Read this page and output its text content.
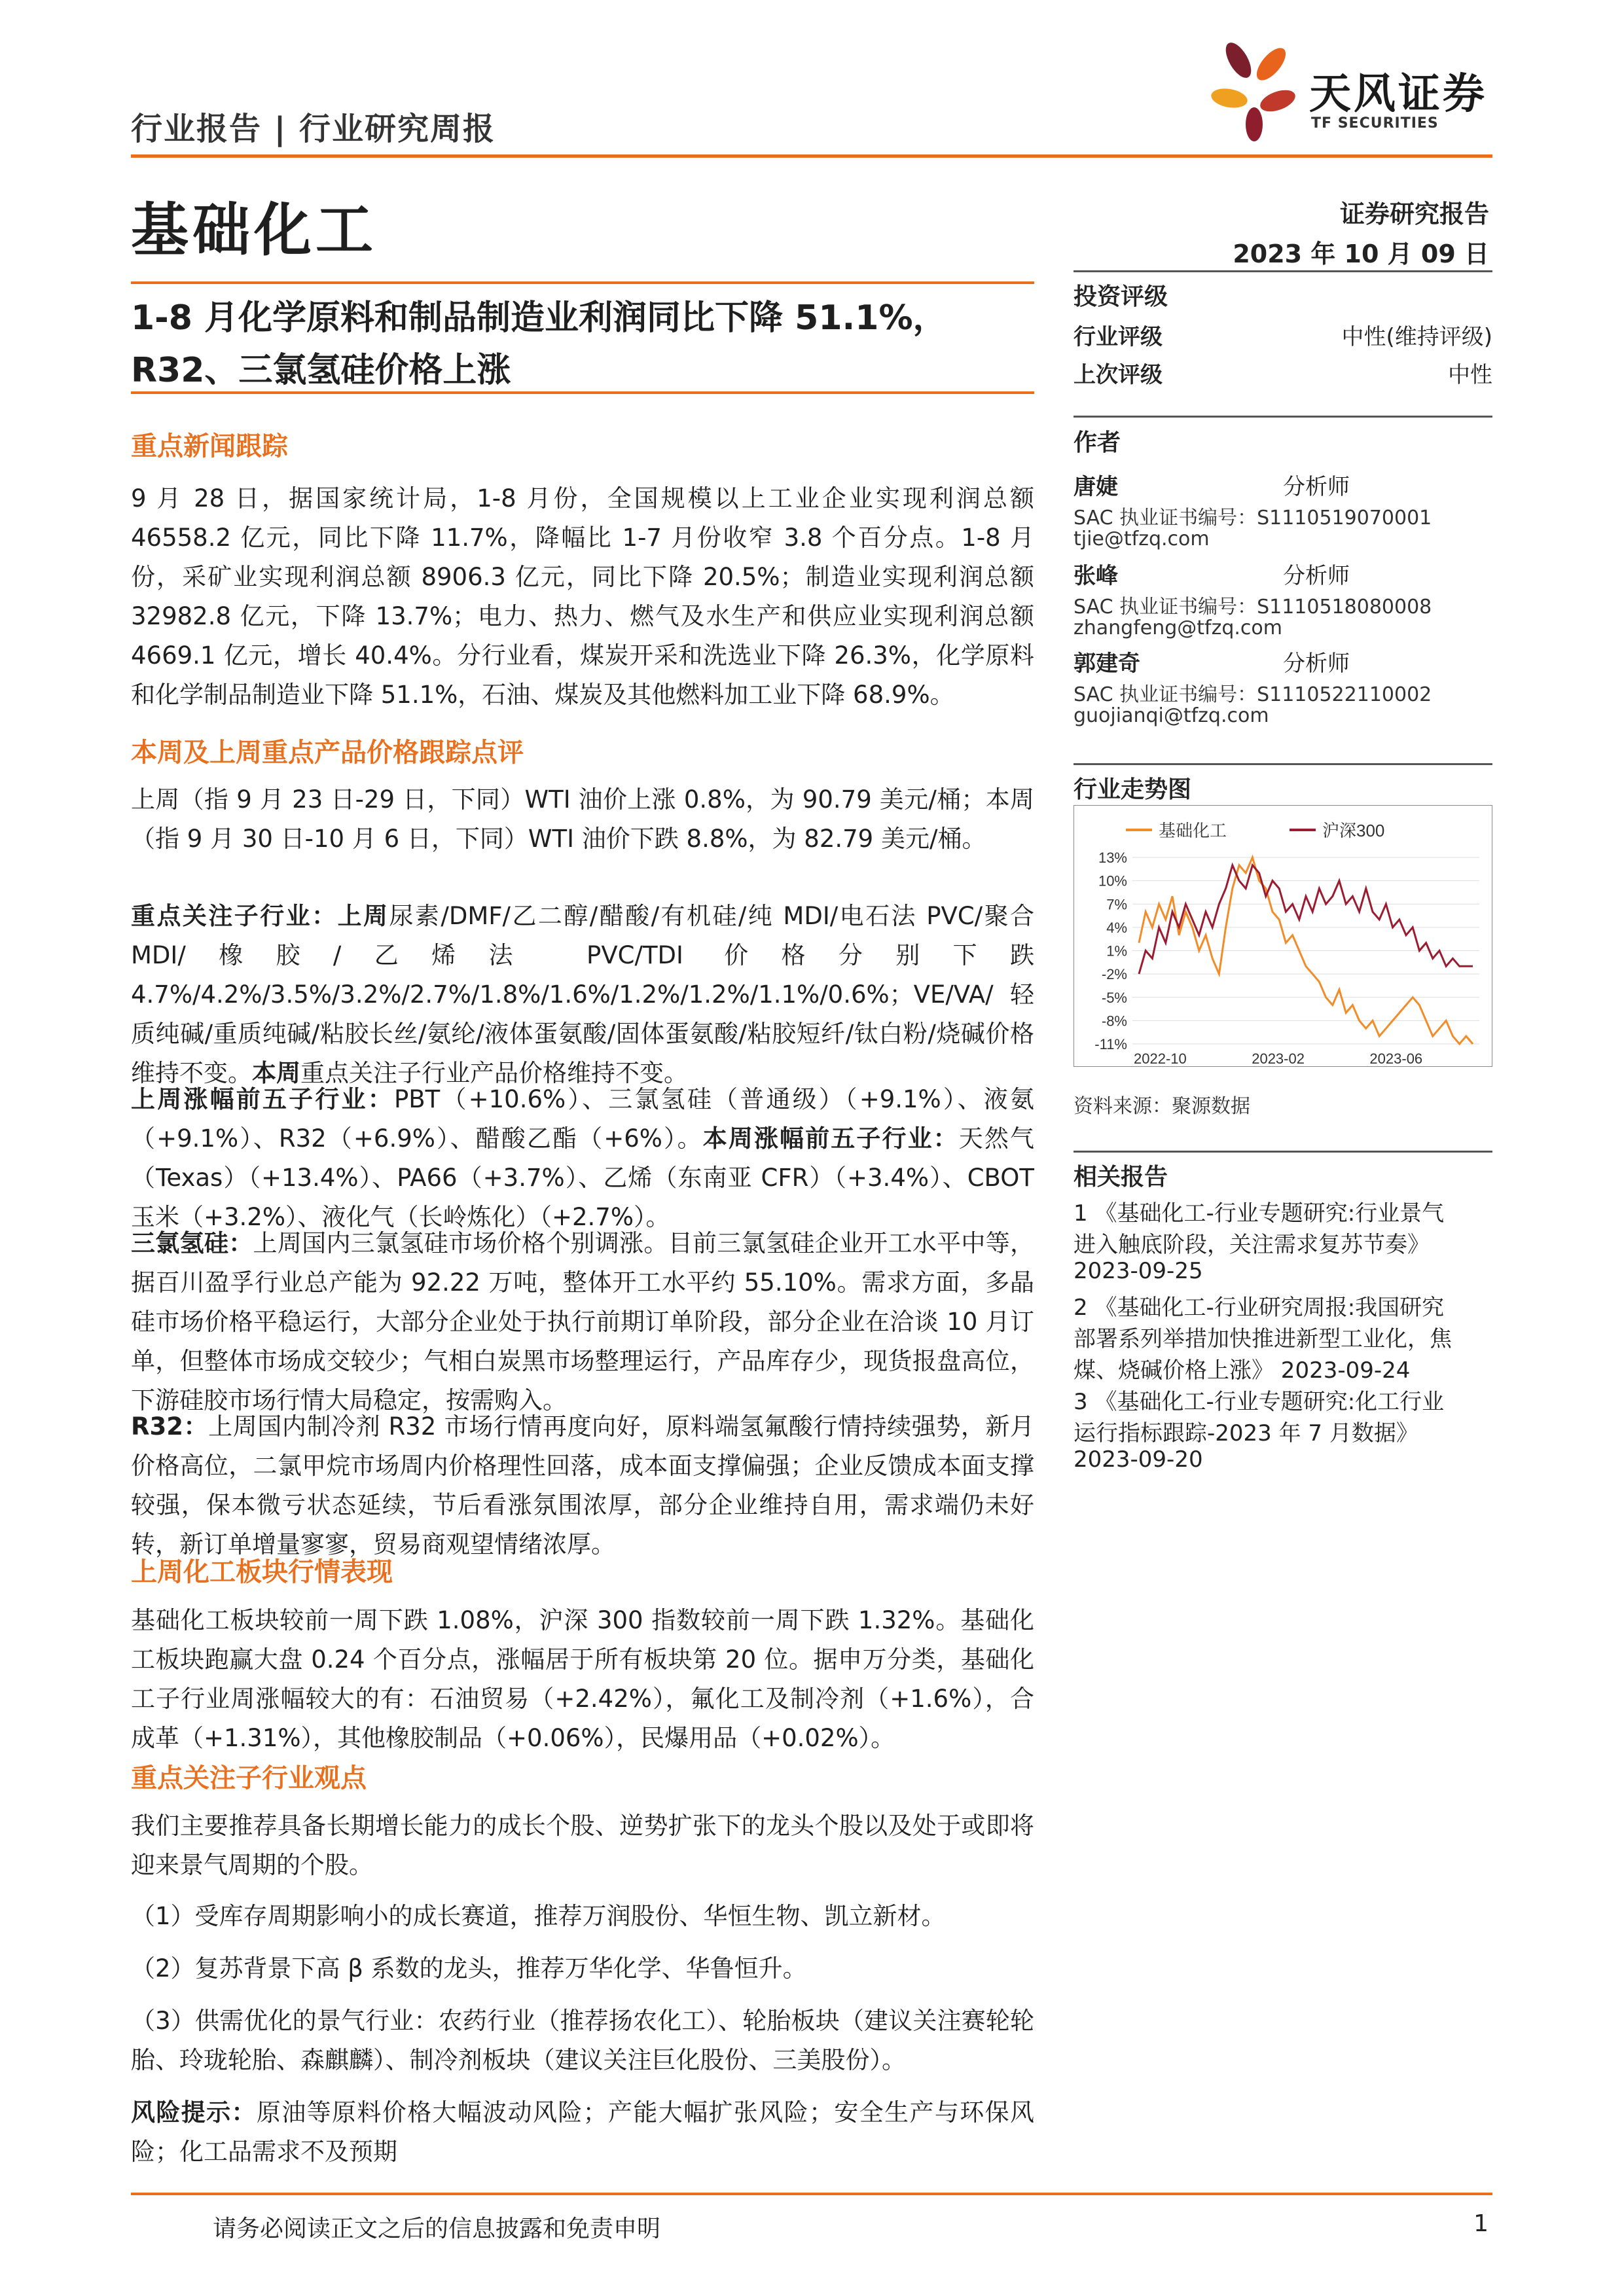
行业报告 | 行业研究周报
天风证券
TF SECURITIES
基础化工	证券研究报告
2023 年 10 月 09 日
1-8 月化学原料和制品制造业利润同比下降 51.1%，
R32、三氯氢硅价格上涨
重点新闻跟踪
9 月 28 日，据国家统计局，1-8 月份，全国规模以上工业企业实现利润总额 46558.2 亿元，同比下降 11.7%，降幅比 1-7 月份收窄 3.8 个百分点。1-8 月份，采矿业实现利润总额 8906.3 亿元，同比下降 20.5%；制造业实现利润总额 32982.8 亿元，下降 13.7%；电力、热力、燃气及水生产和供应业实现利润总额 4669.1 亿元，增长 40.4%。分行业看，煤炭开采和洗选业下降 26.3%，化学原料和化学制品制造业下降 51.1%，石油、煤炭及其他燃料加工业下降 68.9%。
本周及上周重点产品价格跟踪点评
上周（指 9 月 23 日-29 日，下同）WTI 油价上涨 0.8%，为 90.79 美元/桶；本周（指 9 月 30 日-10 月 6 日，下同）WTI 油价下跌 8.8%，为 82.79 美元/桶。
重点关注子行业：上周尿素/DMF/乙二醇/醋酸/有机硅/纯 MDI/电石法 PVC/聚合 MDI/橡胶/乙烯法 PVC/TDI 价格分别下跌 4.7%/4.2%/3.5%/3.2%/2.7%/1.8%/1.6%/1.2%/1.2%/1.1%/0.6%；VE/VA/轻质纯碱/重质纯碱/粘胶长丝/氨纶/液体蛋氨酸/固体蛋氨酸/粘胶短纤/钛白粉/烧碱价格维持不变。本周重点关注子行业产品价格维持不变。
上周涨幅前五子行业：PBT（+10.6%）、三氯氢硅（普通级）（+9.1%）、液氨（+9.1%）、R32（+6.9%）、醋酸乙酯（+6%）。本周涨幅前五子行业：天然气（Texas）（+13.4%）、PA66（+3.7%）、乙烯（东南亚 CFR）（+3.4%）、CBOT 玉米（+3.2%）、液化气（长岭炼化）（+2.7%）。
三氯氢硅：上周国内三氯氢硅市场价格个别调涨。目前三氯氢硅企业开工水平中等，据百川盈孚行业总产能为 92.22 万吨，整体开工水平约 55.10%。需求方面，多晶硅市场价格平稳运行，大部分企业处于执行前期订单阶段，部分企业在洽谈 10 月订单，但整体市场成交较少；气相白炭黑市场整理运行，产品库存少，现货报盘高位，下游硅胶市场行情大局稳定，按需购入。
R32：上周国内制冷剂 R32 市场行情再度向好，原料端氢氟酸行情持续强势，新月价格高位，二氯甲烷市场周内价格理性回落，成本面支撑偏强；企业反馈成本面支撑较强，保本微亏状态延续，节后看涨氛围浓厚，部分企业维持自用，需求端仍未好转，新订单增量寥寥，贸易商观望情绪浓厚。
上周化工板块行情表现
基础化工板块较前一周下跌 1.08%，沪深 300 指数较前一周下跌 1.32%。基础化工板块跑赢大盘 0.24 个百分点，涨幅居于所有板块第 20 位。据申万分类，基础化工子行业周涨幅较大的有：石油贸易（+2.42%），氟化工及制冷剂（+1.6%），合成革（+1.31%），其他橡胶制品（+0.06%），民爆用品（+0.02%）。
重点关注子行业观点
我们主要推荐具备长期增长能力的成长个股、逆势扩张下的龙头个股以及处于或即将迎来景气周期的个股。
（1）受库存周期影响小的成长赛道，推荐万润股份、华恒生物、凯立新材。
（2）复苏背景下高 β 系数的龙头，推荐万华化学、华鲁恒升。
（3）供需优化的景气行业：农药行业（推荐扬农化工）、轮胎板块（建议关注赛轮轮胎、玲珑轮胎、森麒麟）、制冷剂板块（建议关注巨化股份、三美股份）。
风险提示：原油等原料价格大幅波动风险；产能大幅扩张风险；安全生产与环保风险；化工品需求不及预期
投资评级
行业评级	中性(维持评级)
上次评级	中性
作者
唐婕	分析师
SAC 执业证书编号：S1110519070001
tjie@tfzq.com
张峰	分析师
SAC 执业证书编号：S1110518080008
zhangfeng@tfzq.com
郭建奇	分析师
SAC 执业证书编号：S1110522110002
guojianqi@tfzq.com
行业走势图
基础化工	沪深300
13%
10%
7%
4%
1%
-2%
-5%
-8%
-11%
2022-10	2023-02	2023-06
资料来源：聚源数据
相关报告
1 《基础化工-行业专题研究:行业景气
进入触底阶段，关注需求复苏节奏》
2023-09-25
2 《基础化工-行业研究周报:我国研究
部署系列举措加快推进新型工业化，焦
煤、烧碱价格上涨》 2023-09-24
3 《基础化工-行业专题研究:化工行业
运行指标跟踪-2023 年 7 月数据》
2023-09-20
请务必阅读正文之后的信息披露和免责申明	1
